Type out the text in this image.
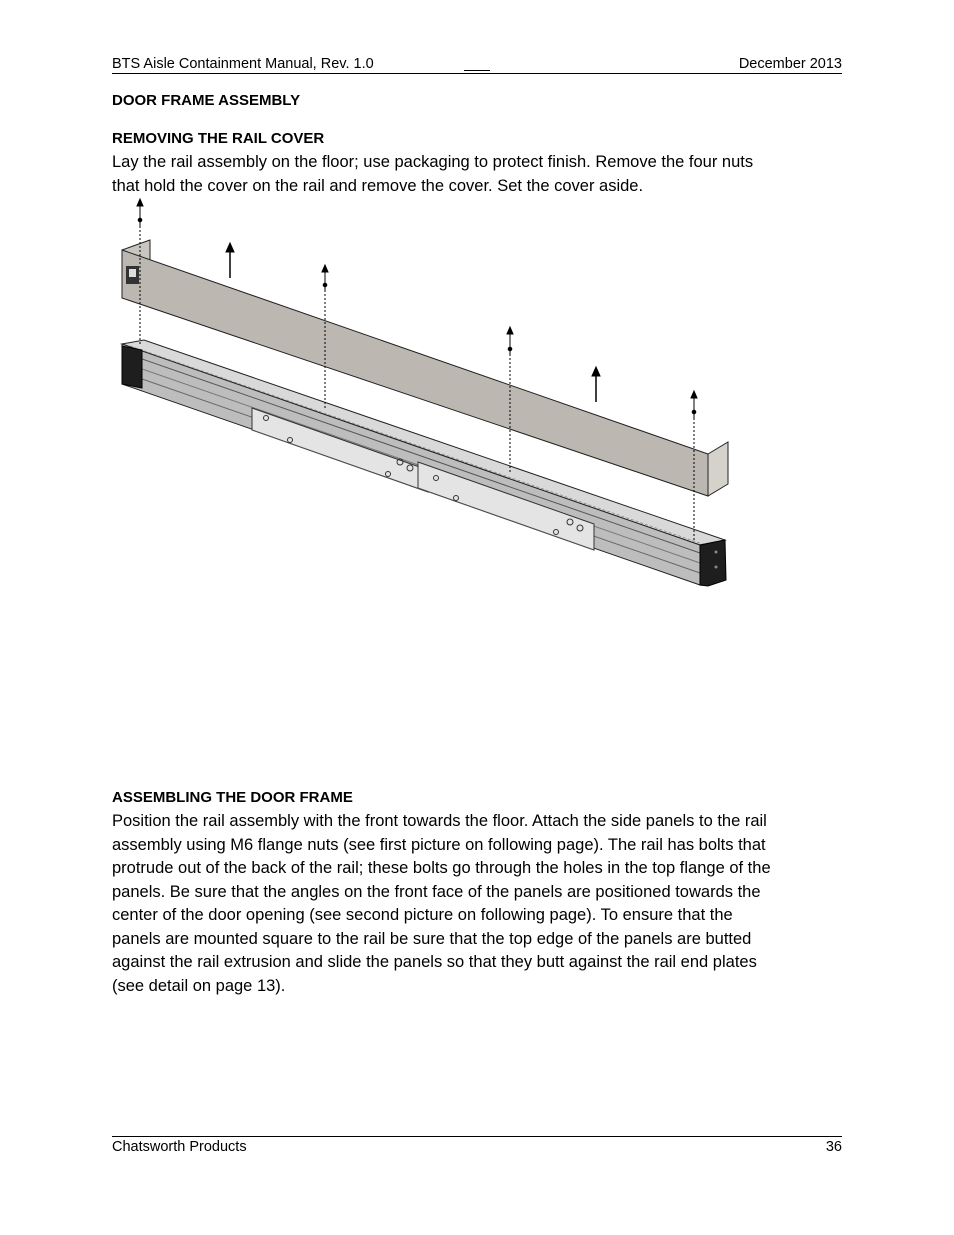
BTS Aisle Containment Manual, Rev. 1.0	December 2013
DOOR FRAME ASSEMBLY
REMOVING THE RAIL COVER
Lay the rail assembly on the floor; use packaging to protect finish. Remove the four nuts
that hold the cover on the rail and remove the cover. Set the cover aside.
ASSEMBLING THE DOOR FRAME
Position the rail assembly with the front towards the floor. Attach the side panels to the rail
assembly using M6 flange nuts (see first picture on following page). The rail has bolts that
protrude out of the back of the rail; these bolts go through the holes in the top flange of the
panels. Be sure that the angles on the front face of the panels are positioned towards the
center of the door opening (see second picture on following page). To ensure that the
panels are mounted square to the rail be sure that the top edge of the panels are butted
against the rail extrusion and slide the panels so that they butt against the rail end plates
(see detail on page 13).
Chatsworth Products	36
